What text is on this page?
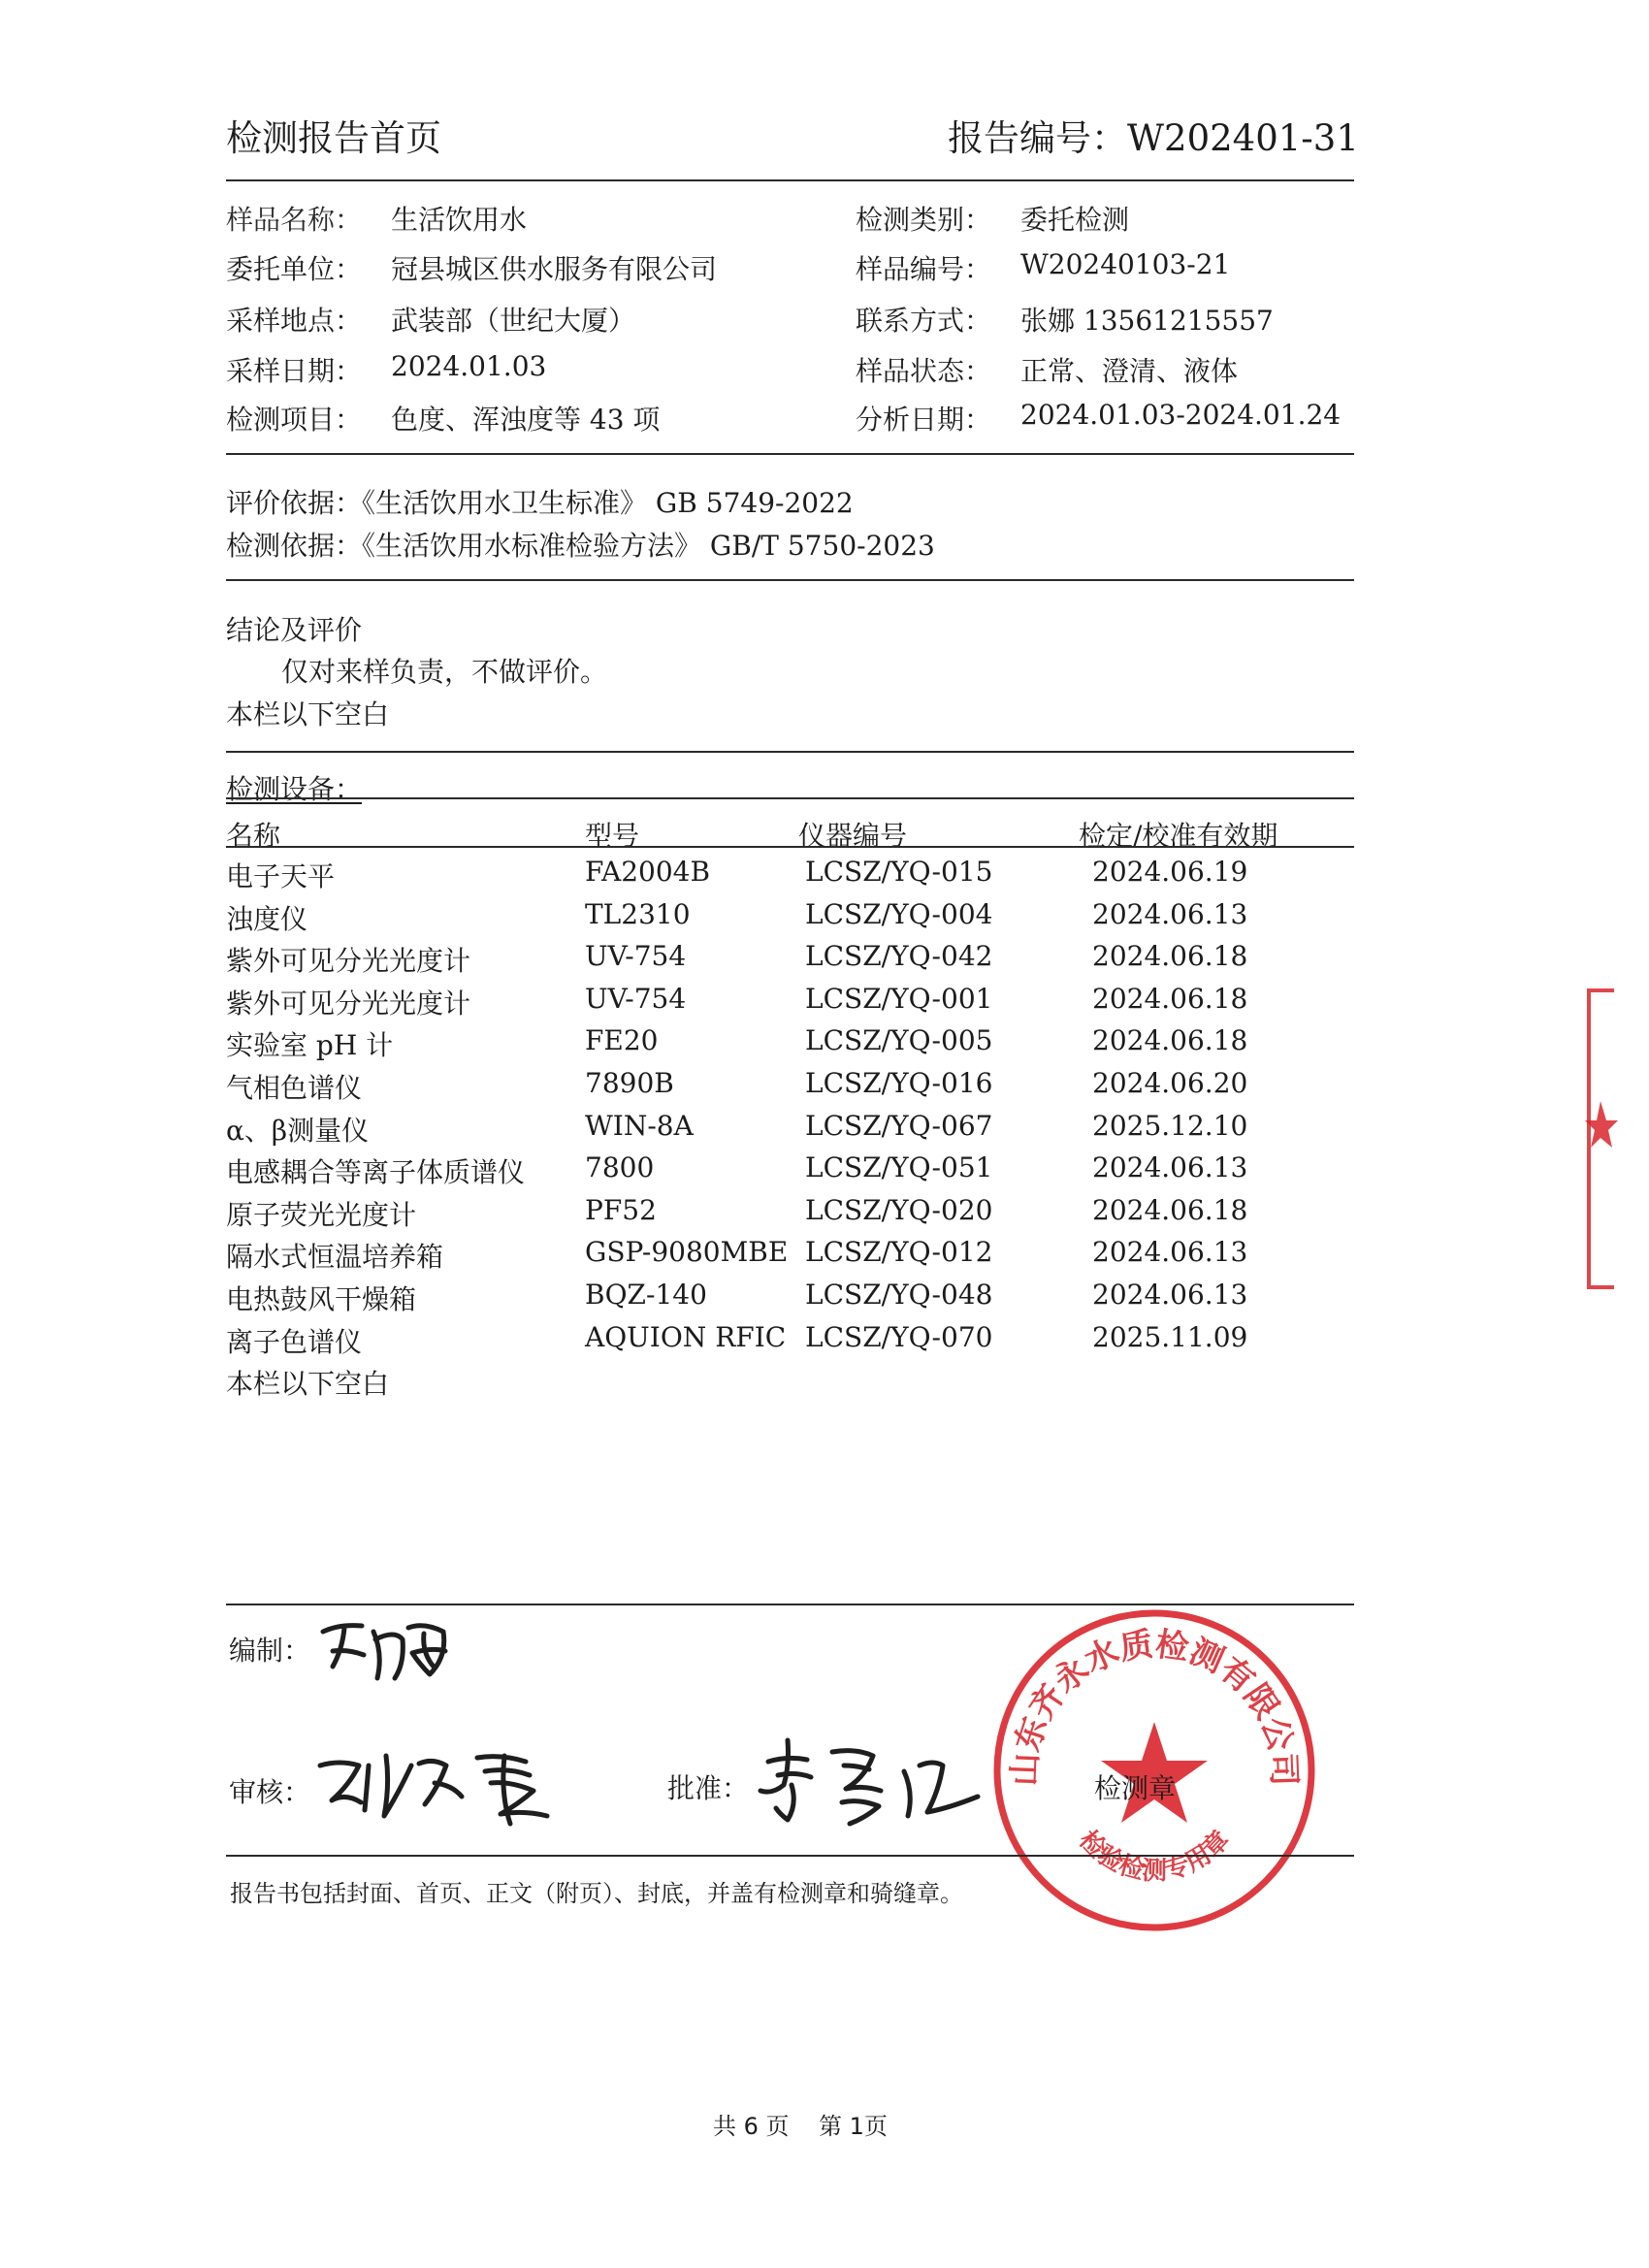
检测报告首页	报告编号：W202401-31
样品名称： 生活饮用水
委托单位： 冠县城区供水服务有限公司
采样地点： 武装部（世纪大厦）
采样日期： 2024.01.03
检测项目： 色度、浑浊度等 43 项
检测类别： 委托检测
样品编号： W20240103-21
联系方式： 张娜 13561215557
样品状态： 正常、澄清、液体
分析日期： 2024.01.03-2024.01.24
评价依据：《生活饮用水卫生标准》 GB 5749-2022
检测依据：《生活饮用水标准检验方法》 GB/T 5750-2023
结论及评价
仅对来样负责，不做评价。
本栏以下空白
检测设备：
名称	型号	仪器编号	检定/校准有效期
电子天平	FA2004B	LCSZ/YQ-015	2024.06.19
浊度仪	TL2310	LCSZ/YQ-004	2024.06.13
紫外可见分光光度计	UV-754	LCSZ/YQ-042	2024.06.18
紫外可见分光光度计	UV-754	LCSZ/YQ-001	2024.06.18
实验室 pH 计	FE20	LCSZ/YQ-005	2024.06.18
气相色谱仪	7890B	LCSZ/YQ-016	2024.06.20
α、β测量仪	WIN-8A	LCSZ/YQ-067	2025.12.10
电感耦合等离子体质谱仪 7800	LCSZ/YQ-051	2024.06.13
原子荧光光度计	PF52	LCSZ/YQ-020	2024.06.18
隔水式恒温培养箱	GSP-9080MBE LCSZ/YQ-012	2024.06.13
电热鼓风干燥箱	BQZ-140	LCSZ/YQ-048	2024.06.13
离子色谱仪	AQUION RFIC LCSZ/YQ-070	2025.11.09
本栏以下空白
编制：
审核：	批准：
山东齐永水质检测有限公司
检验检测专用章
检测章
报告书包括封面、首页、正文（附页）、封底，并盖有检测章和骑缝章。
共 6 页 第 1页
